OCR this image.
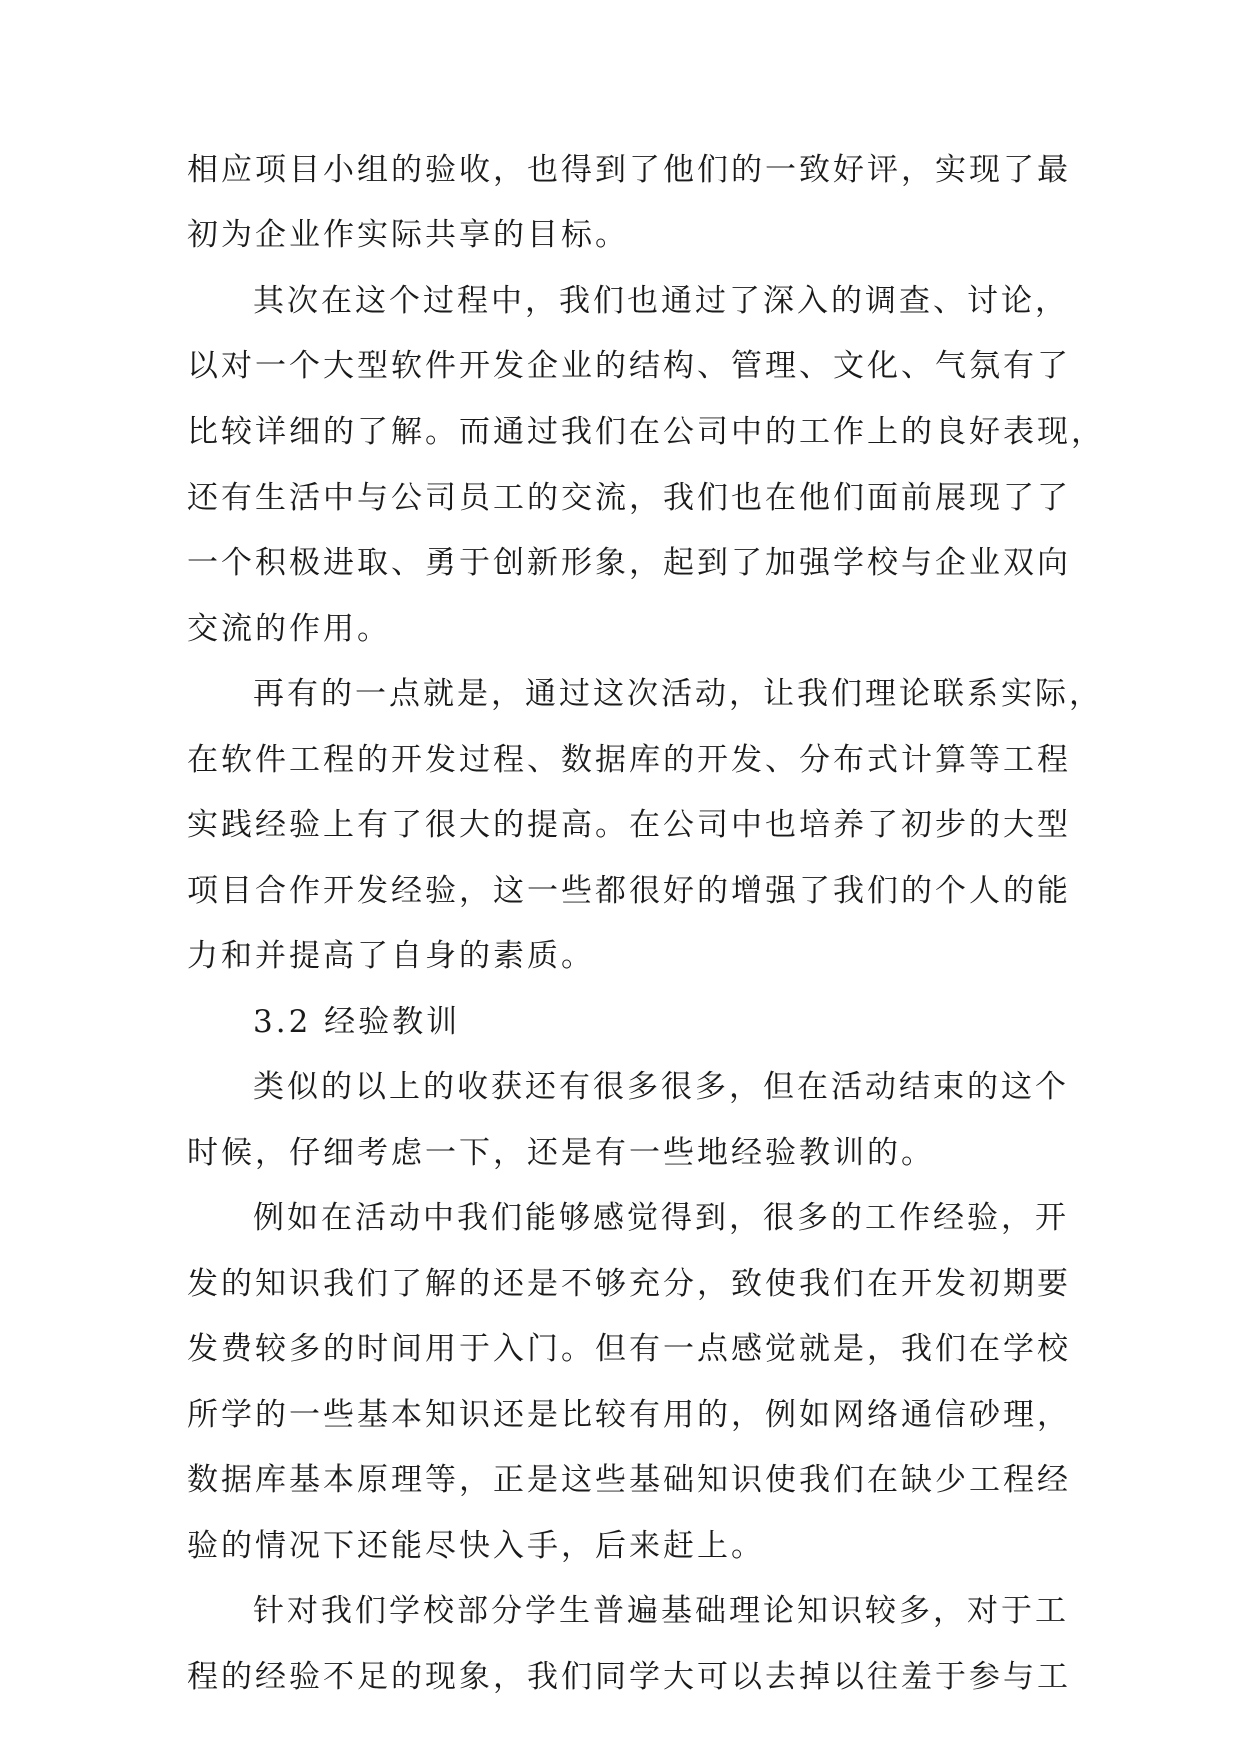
相应项目小组的验收，也得到了他们的一致好评，实现了最
初为企业作实际共享的目标。
其次在这个过程中，我们也通过了深入的调查、讨论，
以对一个大型软件开发企业的结构、管理、文化、气氛有了
比较详细的了解。而通过我们在公司中的工作上的良好表现，
还有生活中与公司员工的交流，我们也在他们面前展现了了
一个积极进取、勇于创新形象，起到了加强学校与企业双向
交流的作用。
再有的一点就是，通过这次活动，让我们理论联系实际，
在软件工程的开发过程、数据库的开发、分布式计算等工程
实践经验上有了很大的提高。在公司中也培养了初步的大型
项目合作开发经验，这一些都很好的增强了我们的个人的能
力和并提高了自身的素质。
3.2 经验教训
类似的以上的收获还有很多很多，但在活动结束的这个
时候，仔细考虑一下，还是有一些地经验教训的。
例如在活动中我们能够感觉得到，很多的工作经验，开
发的知识我们了解的还是不够充分，致使我们在开发初期要
发费较多的时间用于入门。但有一点感觉就是，我们在学校
所学的一些基本知识还是比较有用的，例如网络通信砂理，
数据库基本原理等，正是这些基础知识使我们在缺少工程经
验的情况下还能尽快入手，后来赶上。
针对我们学校部分学生普遍基础理论知识较多，对于工
程的经验不足的现象，我们同学大可以去掉以往羞于参与工
